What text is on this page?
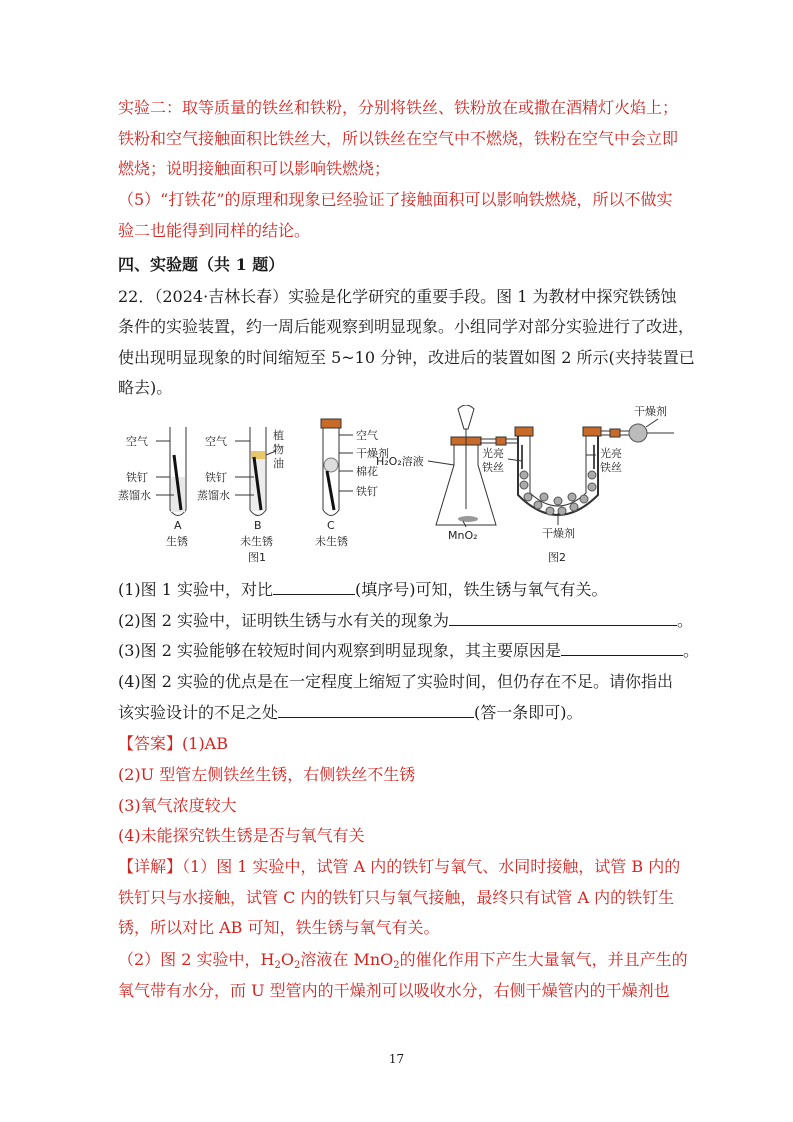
实验二：取等质量的铁丝和铁粉，分别将铁丝、铁粉放在或撒在酒精灯火焰上；
铁粉和空气接触面积比铁丝大，所以铁丝在空气中不燃烧，铁粉在空气中会立即
燃烧；说明接触面积可以影响铁燃烧；
（5）“打铁花”的原理和现象已经验证了接触面积可以影响铁燃烧，所以不做实
验二也能得到同样的结论。
四、实验题（共 1 题）
22．（2024·吉林长春）实验是化学研究的重要手段。图 1 为教材中探究铁锈蚀
条件的实验装置，约一周后能观察到明显现象。小组同学对部分实验进行了改进，
使出现明显现象的时间缩短至 5~10 分钟，改进后的装置如图 2 所示(夹持装置已
略去)。
空气
铁钉
蒸馏水
空气
铁钉
蒸馏水
植
物
油
空气
干燥剂
棉花
铁钉
A	B	C
生锈	未生锈	未生锈
图1
H₂O₂溶液
MnO₂
光亮
铁丝
光亮
铁丝
干燥剂
干燥剂
图2
(1)图 1 实验中，对比	(填序号)可知，铁生锈与氧气有关。
(2)图 2 实验中，证明铁生锈与水有关的现象为	。
(3)图 2 实验能够在较短时间内观察到明显现象，其主要原因是	。
(4)图 2 实验的优点是在一定程度上缩短了实验时间，但仍存在不足。请你指出
该实验设计的不足之处	(答一条即可)。
【答案】(1)AB
(2)U 型管左侧铁丝生锈，右侧铁丝不生锈
(3)氧气浓度较大
(4)未能探究铁生锈是否与氧气有关
【详解】（1）图 1 实验中，试管 A 内的铁钉与氧气、水同时接触，试管 B 内的
铁钉只与水接触，试管 C 内的铁钉只与氧气接触，最终只有试管 A 内的铁钉生
锈，所以对比 AB 可知，铁生锈与氧气有关。
（2）图 2 实验中，$H_2O_2$溶液在 MnO$_2$的催化作用下产生大量氧气，并且产生的
氧气带有水分，而 U 型管内的干燥剂可以吸收水分，右侧干燥管内的干燥剂也
17
